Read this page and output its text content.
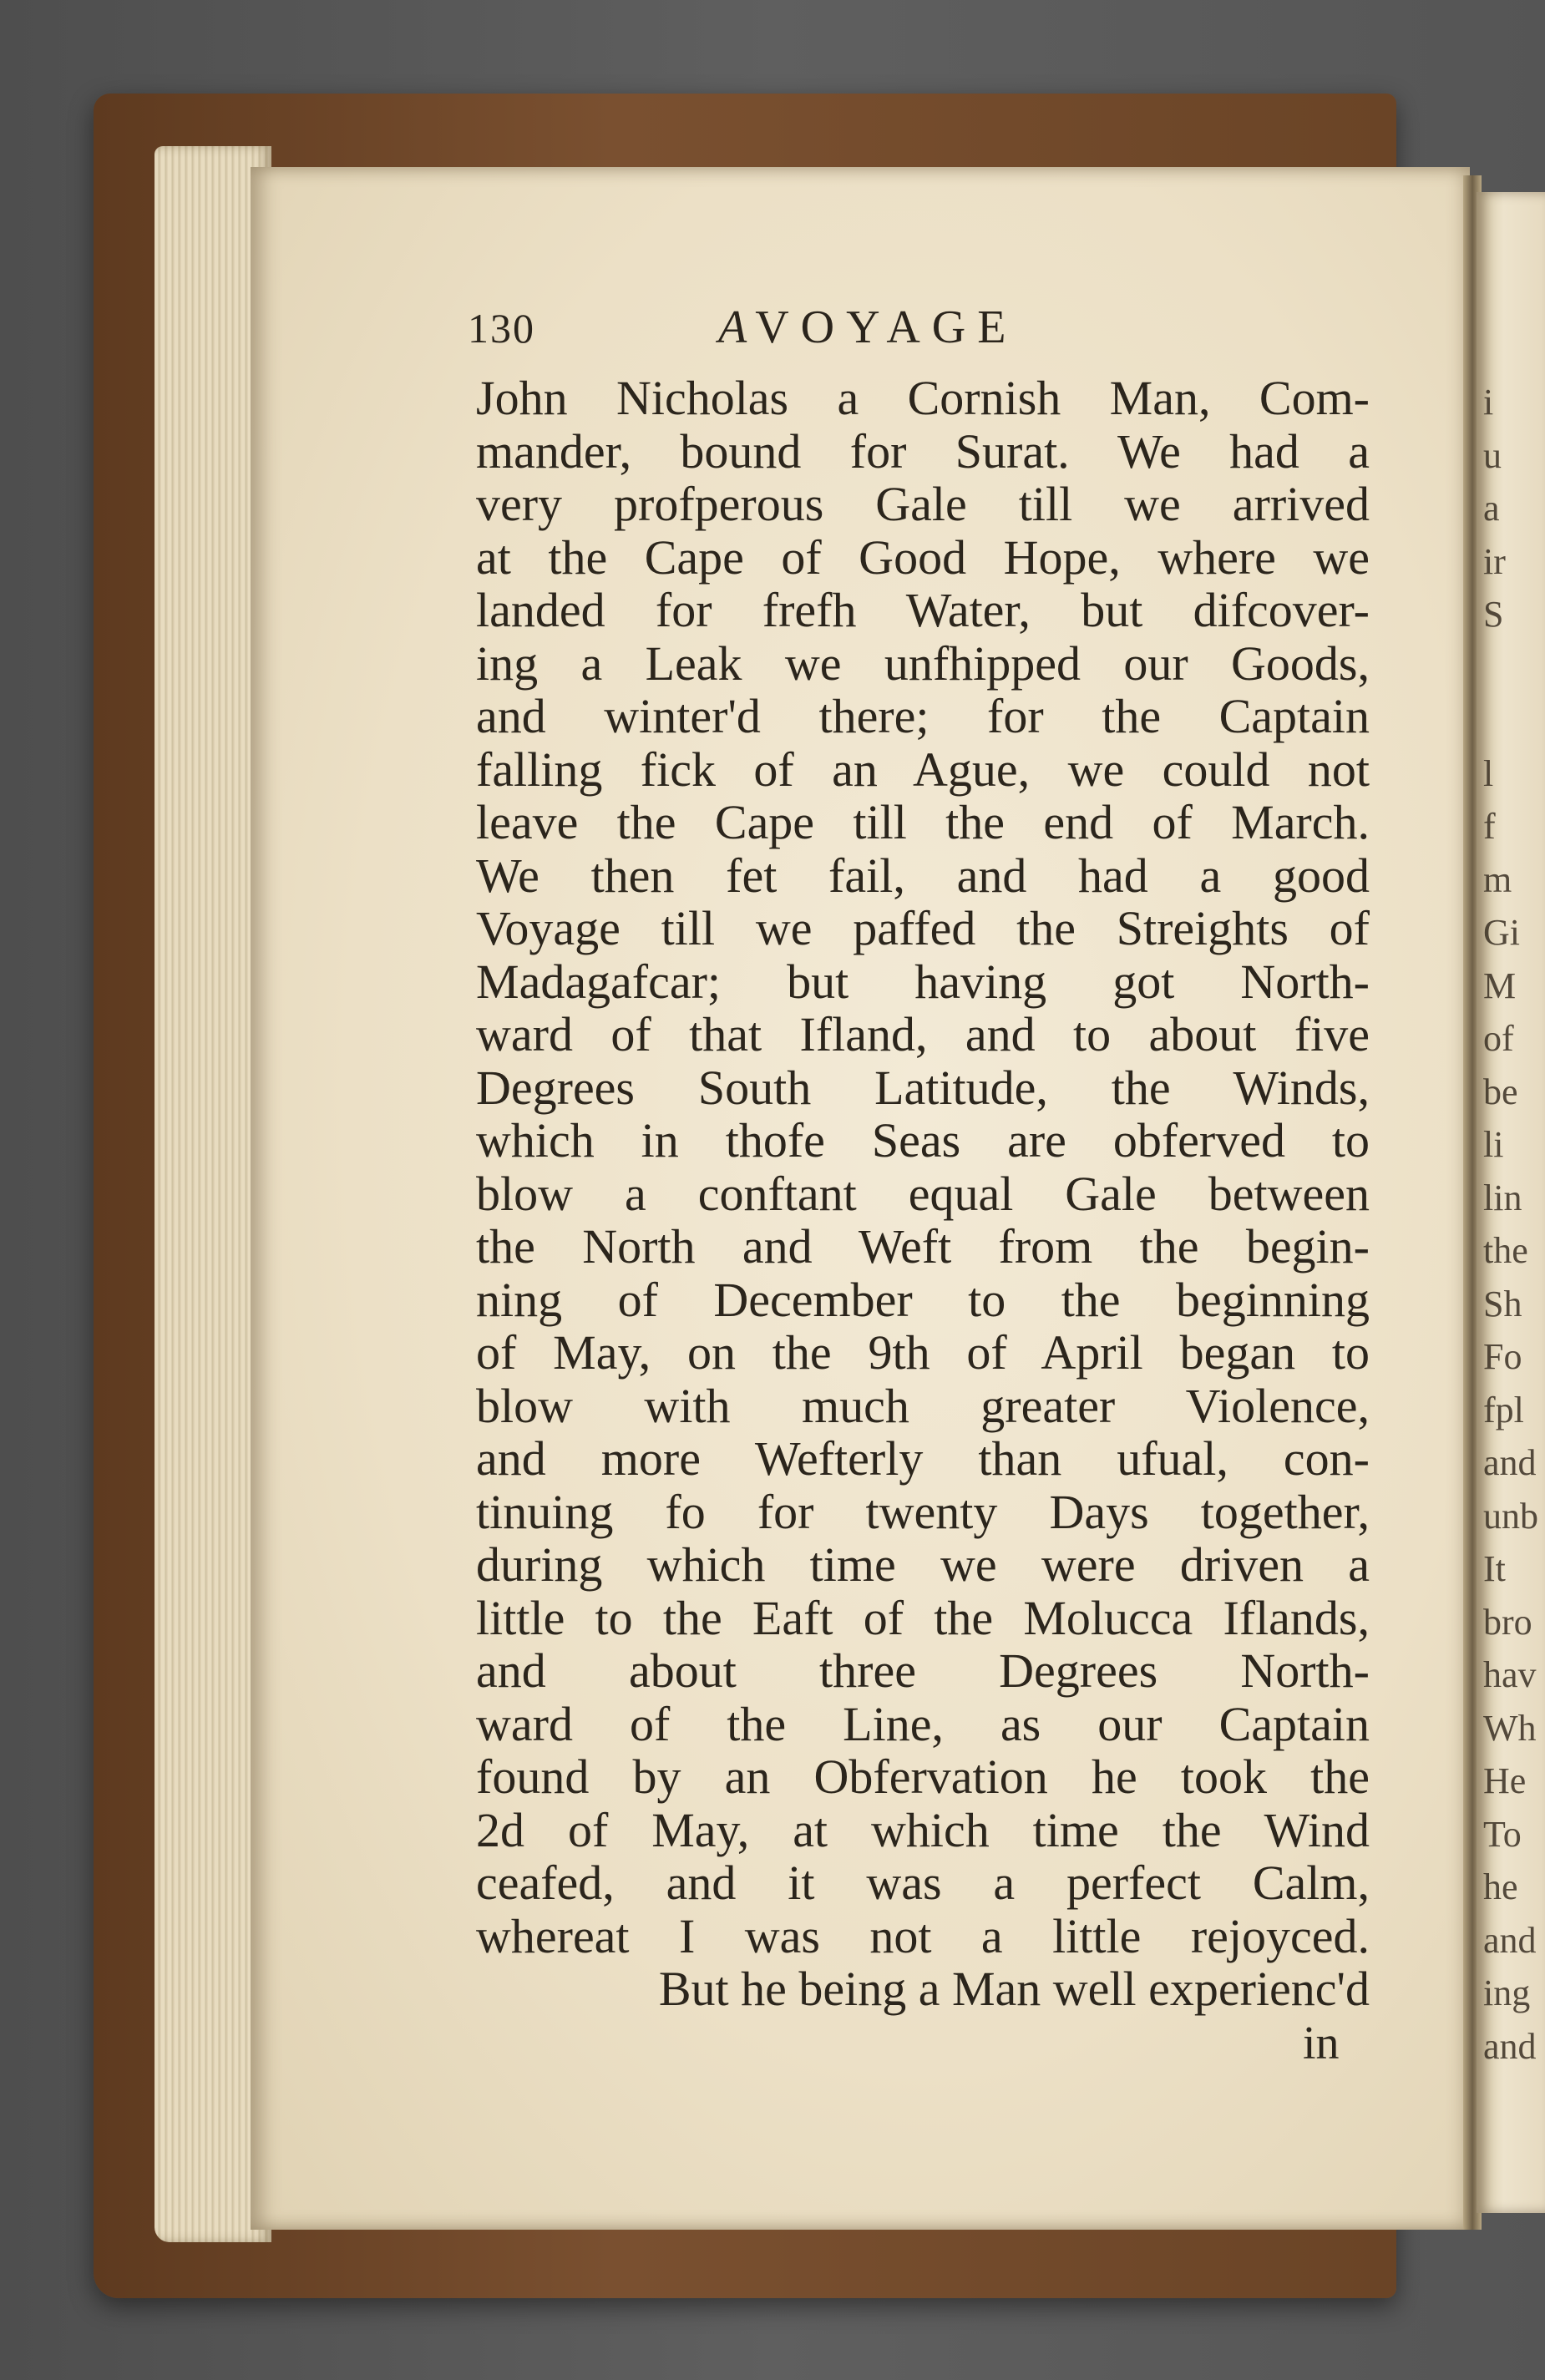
130	A VOYAGE
John Nicholas a Cornish Man, Com-
mander, bound for Surat. We had a
very profperous Gale till we arrived
at the Cape of Good Hope, where we
landed for frefh Water, but difcover-
ing a Leak we unfhipped our Goods,
and winter'd there; for the Captain
falling fick of an Ague, we could not
leave the Cape till the end of March.
We then fet fail, and had a good
Voyage till we paffed the Streights of
Madagafcar; but having got North-
ward of that Ifland, and to about five
Degrees South Latitude, the Winds,
which in thofe Seas are obferved to
blow a conftant equal Gale between
the North and Weft from the begin-
ning of December to the beginning
of May, on the 9th of April began to
blow with much greater Violence,
and more Wefterly than ufual, con-
tinuing fo for twenty Days together,
during which time we were driven a
little to the Eaft of the Molucca Iflands,
and about three Degrees North-
ward of the Line, as our Captain
found by an Obfervation he took the
2d of May, at which time the Wind
ceafed, and it was a perfect Calm,
whereat I was not a little rejoyced.
But he being a Man well experienc'd
in
i
u
a
ir
S

l
f
m
Gi
M
of
be
li
lin
the
Sh
Fo
fpl
and
unb
It
bro
hav
Wh
He
To
he
and
ing
and
